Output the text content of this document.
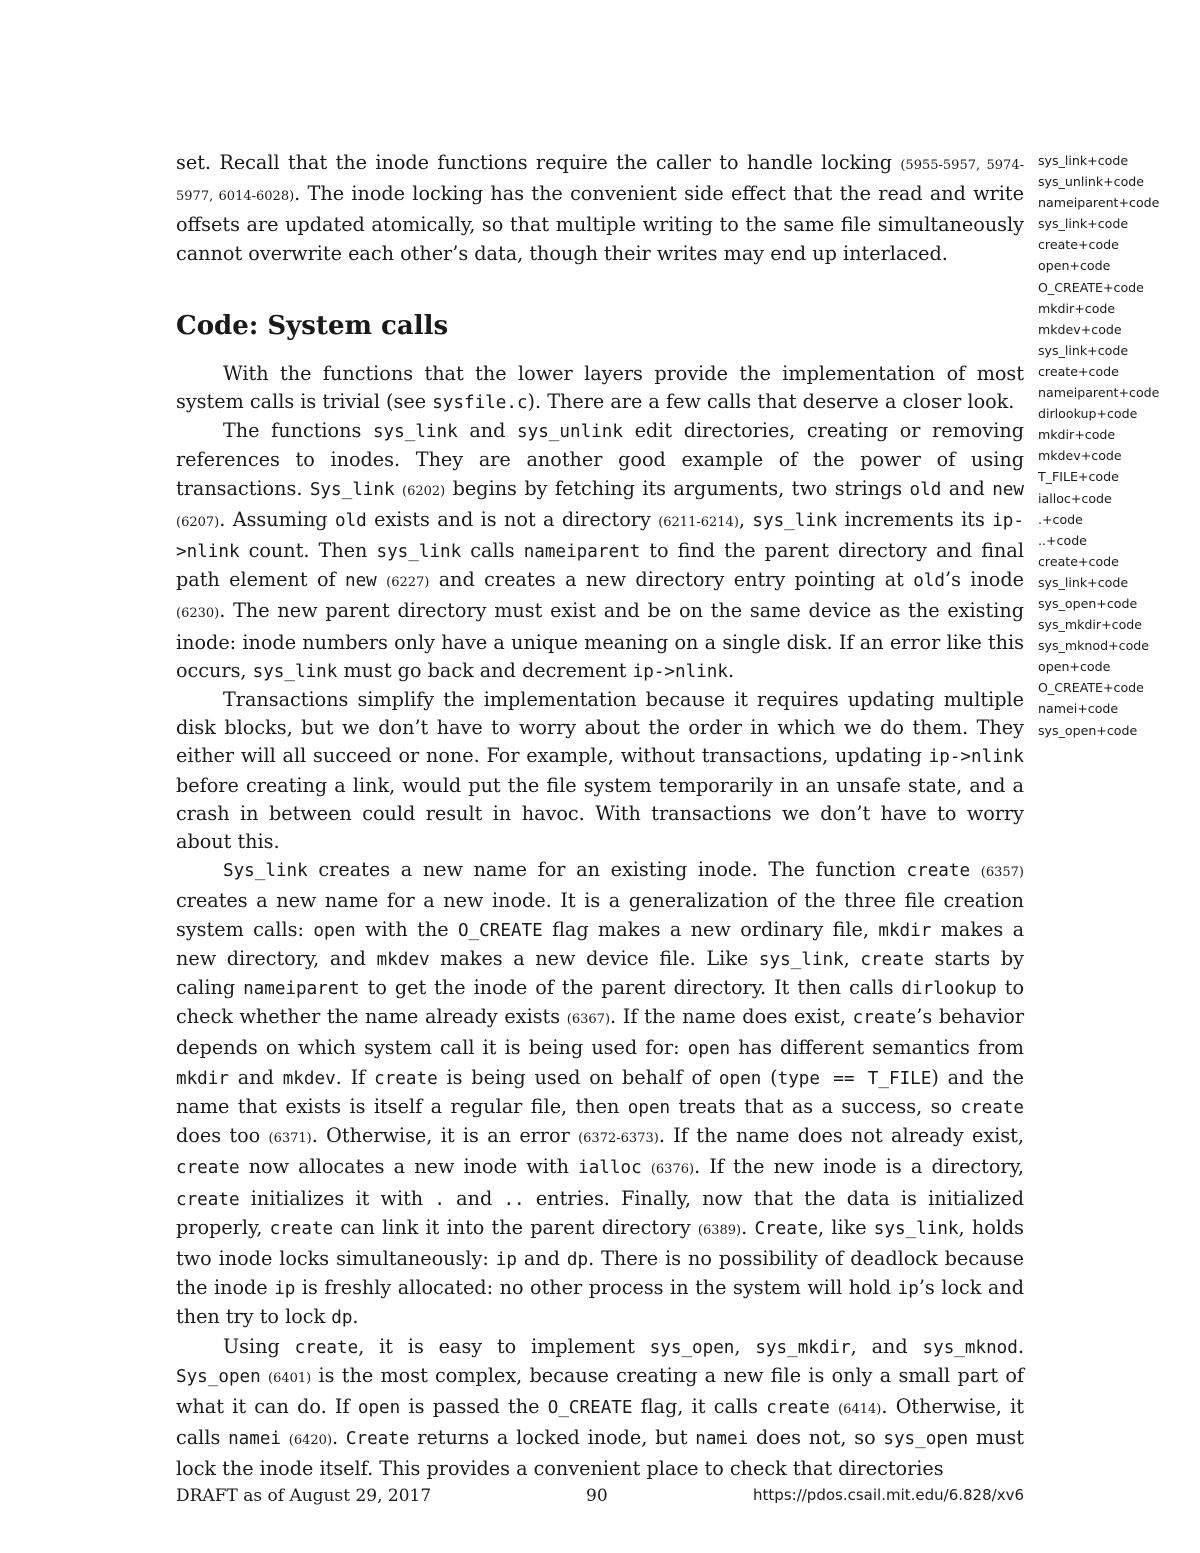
set. Recall that the inode functions require the caller to handle locking (5955-5957, 5974-5977, 6014-6028). The inode locking has the convenient side effect that the read and write offsets are updated atomically, so that multiple writing to the same file simultaneously cannot overwrite each other’s data, though their writes may end up interlaced.

Code: System calls

With the functions that the lower layers provide the implementation of most system calls is trivial (see sysfile.c). There are a few calls that deserve a closer look.

The functions sys_link and sys_unlink edit directories, creating or removing references to inodes. They are another good example of the power of using transactions. Sys_link (6202) begins by fetching its arguments, two strings old and new (6207). Assuming old exists and is not a directory (6211-6214), sys_link increments its ip->nlink count. Then sys_link calls nameiparent to find the parent directory and final path element of new (6227) and creates a new directory entry pointing at old’s inode (6230). The new parent directory must exist and be on the same device as the existing inode: inode numbers only have a unique meaning on a single disk. If an error like this occurs, sys_link must go back and decrement ip->nlink.

Transactions simplify the implementation because it requires updating multiple disk blocks, but we don’t have to worry about the order in which we do them. They either will all succeed or none. For example, without transactions, updating ip->nlink before creating a link, would put the file system temporarily in an unsafe state, and a crash in between could result in havoc. With transactions we don’t have to worry about this.

Sys_link creates a new name for an existing inode. The function create (6357) creates a new name for a new inode. It is a generalization of the three file creation system calls: open with the O_CREATE flag makes a new ordinary file, mkdir makes a new directory, and mkdev makes a new device file. Like sys_link, create starts by caling nameiparent to get the inode of the parent directory. It then calls dirlookup to check whether the name already exists (6367). If the name does exist, create’s behavior depends on which system call it is being used for: open has different semantics from mkdir and mkdev. If create is being used on behalf of open (type == T_FILE) and the name that exists is itself a regular file, then open treats that as a success, so create does too (6371). Otherwise, it is an error (6372-6373). If the name does not already exist, create now allocates a new inode with ialloc (6376). If the new inode is a directory, create initializes it with . and .. entries. Finally, now that the data is initialized properly, create can link it into the parent directory (6389). Create, like sys_link, holds two inode locks simultaneously: ip and dp. There is no possibility of deadlock because the inode ip is freshly allocated: no other process in the system will hold ip’s lock and then try to lock dp.

Using create, it is easy to implement sys_open, sys_mkdir, and sys_mknod. Sys_open (6401) is the most complex, because creating a new file is only a small part of what it can do. If open is passed the O_CREATE flag, it calls create (6414). Otherwise, it calls namei (6420). Create returns a locked inode, but namei does not, so sys_open must lock the inode itself. This provides a convenient place to check that directories

sys_link+code
sys_unlink+code
nameiparent+code
sys_link+code
create+code
open+code
O_CREATE+code
mkdir+code
mkdev+code
sys_link+code
create+code
nameiparent+code
dirlookup+code
mkdir+code
mkdev+code
T_FILE+code
ialloc+code
.+code
..+code
create+code
sys_link+code
sys_open+code
sys_mkdir+code
sys_mknod+code
open+code
O_CREATE+code
namei+code
sys_open+code
DRAFT as of August 29, 2017	90	https://pdos.csail.mit.edu/6.828/xv6
